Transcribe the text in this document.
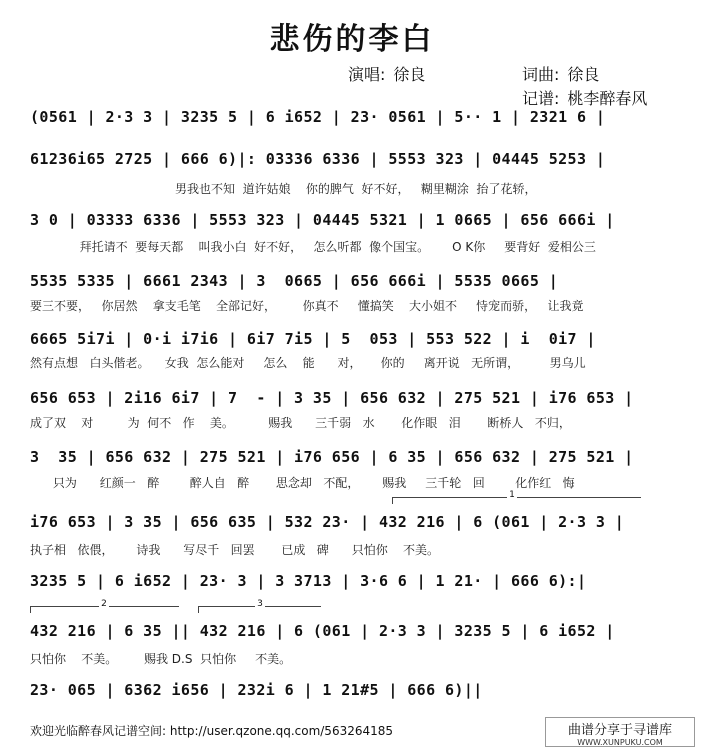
悲伤的李白
演唱: 徐良	词曲: 徐良
记谱: 桃李醉春风
(0561 | 2·3 3 | 3235 5 | 6 i652 | 23· 0561 | 5·· 1 | 2321 6 |
61236i65 2725 | 666 6)|: 03336 6336 | 5553 323 | 04445 5253 |
男我也不知  道许姑娘    你的脾气  好不好，   糊里糊涂  抬了花轿，
3 0 | 03333 6336 | 5553 323 | 04445 5321 | 1 0665 | 656 666i |
拜托请不  要每天都    叫我小白  好不好，   怎么听都  像个国宝。      O K你     要背好  爱相公三
5535 5335 | 6661 2343 | 3  0665 | 656 666i | 5535 0665 |
要三不要，   你居然    拿支毛笔    全部记好，       你真不     懂搞笑    大小姐不     恃宠而骄，   让我竟
6665 5i7i | 0·i i7i6 | 6i7 7i5 | 5  053 | 553 522 | i  0i7 |
然有点想   白头偕老。    女我  怎么能对     怎么    能      对，     你的     离开说   无所谓，        男乌儿
656 653 | 2i16 6i7 | 7  - | 3 35 | 656 632 | 275 521 | i76 653 |
成了双    对         为  何不   作    美。         赐我      三千弱   水       化作眼   泪       断桥人   不归，
3  35 | 656 632 | 275 521 | i76 656 | 6 35 | 656 632 | 275 521 |
只为      红颜一   醉        醉人自   醉       思念却   不配，      赐我     三千轮   回        化作红   悔
1
i76 653 | 3 35 | 656 635 | 532 23· | 432 216 | 6 (061 | 2·3 3 |
执子相   依偎，      诗我      写尽千   回罢       已成   碑      只怕你    不美。
3235 5 | 6 i652 | 23· 3 | 3 3713 | 3·6 6 | 1 21· | 666 6):|
2	3
432 216 | 6 35 || 432 216 | 6 (061 | 2·3 3 | 3235 5 | 6 i652 |
只怕你    不美。       赐我 D.S  只怕你     不美。
23· 065 | 6362 i656 | 232i 6 | 1 21#5 | 666 6)||
欢迎光临醉春风记谱空间: http://user.qzone.qq.com/563264185	曲谱分享于寻谱库
WWW.XUNPUKU.COM
